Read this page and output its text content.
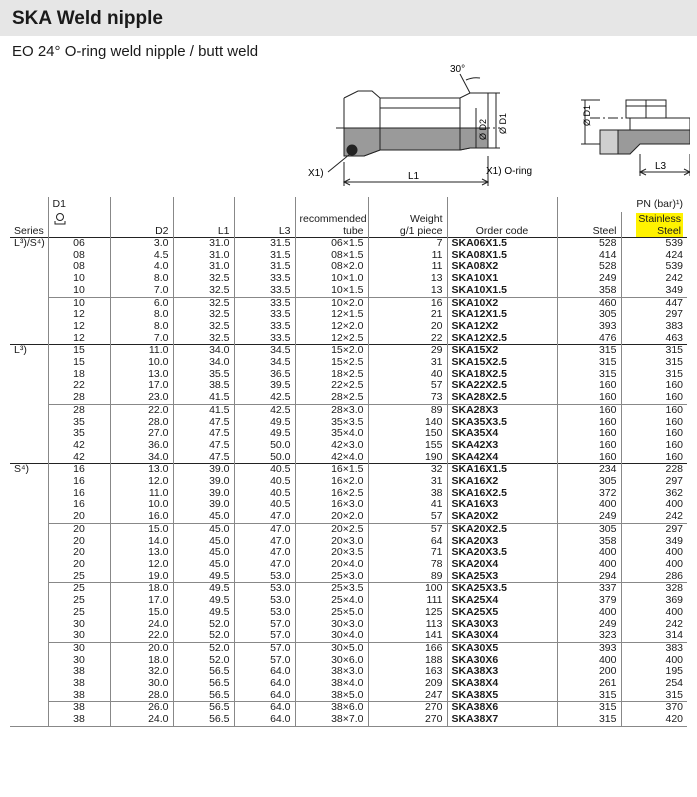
SKA Weld nipple
EO 24° O-ring weld nipple / butt weld
30°
Ø D2 Ø D1
X1)	L1	X1) O-ring
Ø D1
L3
	D1							PN (bar)¹)	
Series		D2	L1	L3	recommended
tube	Weight
g/1 piece	Order code	Steel	Stainless
Steel
L³)/S⁴)	06	3.0	31.0	31.5	06×1.5	7	SKA06X1.5	528	539
	08	4.5	31.0	31.5	08×1.5	11	SKA08X1.5	414	424
	08	4.0	31.0	31.5	08×2.0	11	SKA08X2	528	539
	10	8.0	32.5	33.5	10×1.0	13	SKA10X1	249	242
	10	7.0	32.5	33.5	10×1.5	13	SKA10X1.5	358	349
	10	6.0	32.5	33.5	10×2.0	16	SKA10X2	460	447
	12	8.0	32.5	33.5	12×1.5	21	SKA12X1.5	305	297
	12	8.0	32.5	33.5	12×2.0	20	SKA12X2	393	383
	12	7.0	32.5	33.5	12×2.5	22	SKA12X2.5	476	463
L³)	15	11.0	34.0	34.5	15×2.0	29	SKA15X2	315	315
	15	10.0	34.0	34.5	15×2.5	31	SKA15X2.5	315	315
	18	13.0	35.5	36.5	18×2.5	40	SKA18X2.5	315	315
	22	17.0	38.5	39.5	22×2.5	57	SKA22X2.5	160	160
	28	23.0	41.5	42.5	28×2.5	73	SKA28X2.5	160	160
	28	22.0	41.5	42.5	28×3.0	89	SKA28X3	160	160
	35	28.0	47.5	49.5	35×3.5	140	SKA35X3.5	160	160
	35	27.0	47.5	49.5	35×4.0	150	SKA35X4	160	160
	42	36.0	47.5	50.0	42×3.0	155	SKA42X3	160	160
	42	34.0	47.5	50.0	42×4.0	190	SKA42X4	160	160
S⁴)	16	13.0	39.0	40.5	16×1.5	32	SKA16X1.5	234	228
	16	12.0	39.0	40.5	16×2.0	31	SKA16X2	305	297
	16	11.0	39.0	40.5	16×2.5	38	SKA16X2.5	372	362
	16	10.0	39.0	40.5	16×3.0	41	SKA16X3	400	400
	20	16.0	45.0	47.0	20×2.0	57	SKA20X2	249	242
	20	15.0	45.0	47.0	20×2.5	57	SKA20X2.5	305	297
	20	14.0	45.0	47.0	20×3.0	64	SKA20X3	358	349
	20	13.0	45.0	47.0	20×3.5	71	SKA20X3.5	400	400
	20	12.0	45.0	47.0	20×4.0	78	SKA20X4	400	400
	25	19.0	49.5	53.0	25×3.0	89	SKA25X3	294	286
	25	18.0	49.5	53.0	25×3.5	100	SKA25X3.5	337	328
	25	17.0	49.5	53.0	25×4.0	111	SKA25X4	379	369
	25	15.0	49.5	53.0	25×5.0	125	SKA25X5	400	400
	30	24.0	52.0	57.0	30×3.0	113	SKA30X3	249	242
	30	22.0	52.0	57.0	30×4.0	141	SKA30X4	323	314
	30	20.0	52.0	57.0	30×5.0	166	SKA30X5	393	383
	30	18.0	52.0	57.0	30×6.0	188	SKA30X6	400	400
	38	32.0	56.5	64.0	38×3.0	163	SKA38X3	200	195
	38	30.0	56.5	64.0	38×4.0	209	SKA38X4	261	254
	38	28.0	56.5	64.0	38×5.0	247	SKA38X5	315	315
	38	26.0	56.5	64.0	38×6.0	270	SKA38X6	315	370
	38	24.0	56.5	64.0	38×7.0	270	SKA38X7	315	420
